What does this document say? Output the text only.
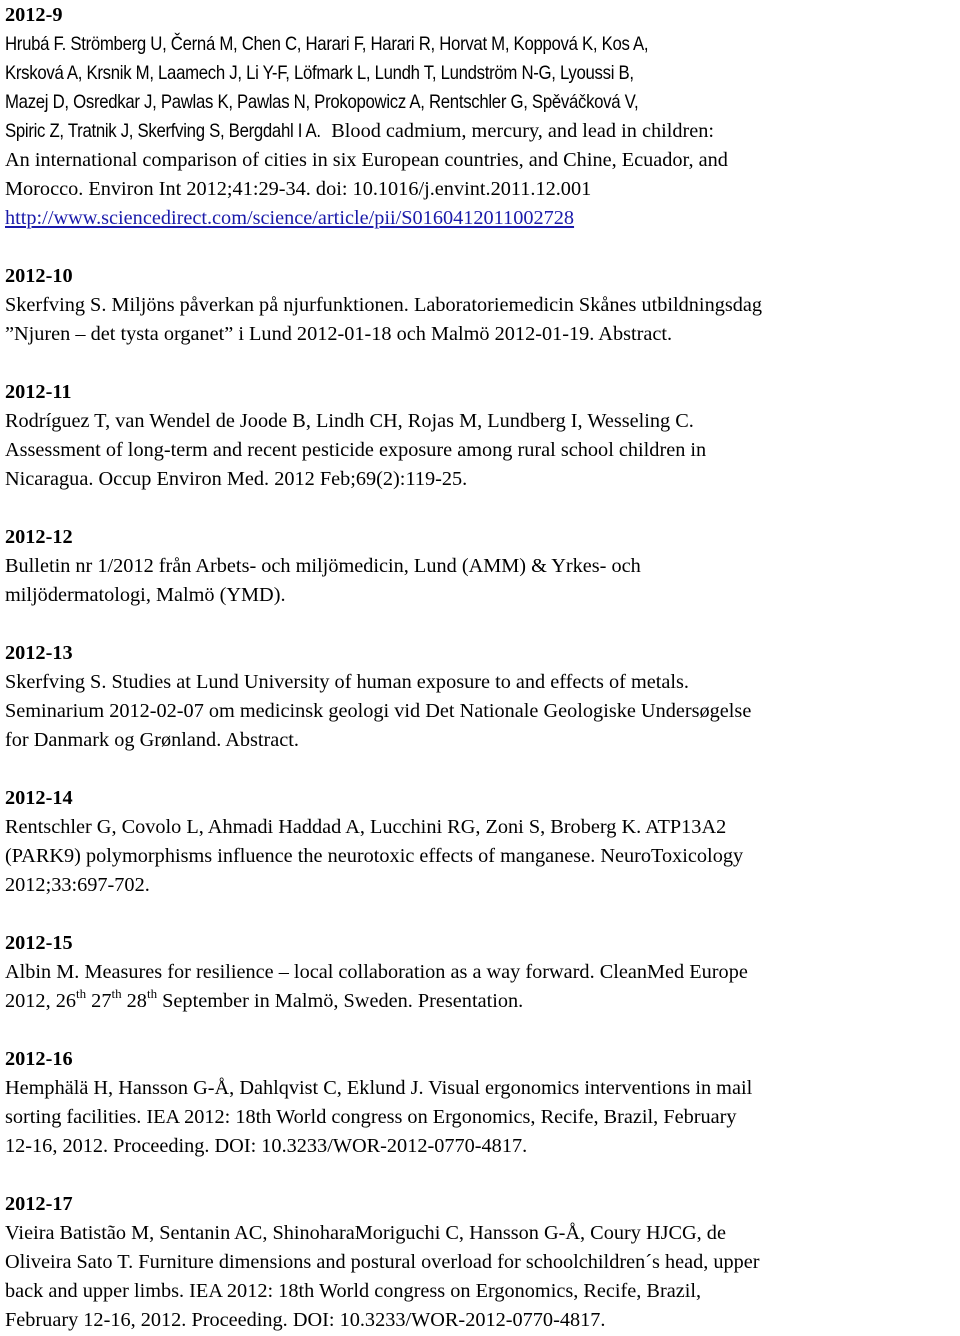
2012-9
Hrubá F. Strömberg U, Černá M, Chen C, Harari F, Harari R, Horvat M, Koppová K, Kos A,
Krsková A, Krsnik M, Laamech J, Li Y-F, Löfmark L, Lundh T, Lundström N-G, Lyoussi B,
Mazej D, Osredkar J, Pawlas K, Pawlas N, Prokopowicz A, Rentschler G, Spěváčková V,
Spiric Z, Tratnik J, Skerfving S, Bergdahl I A. Blood cadmium, mercury, and lead in children:
An international comparison of cities in six European countries, and Chine, Ecuador, and
Morocco. Environ Int 2012;41:29-34. doi: 10.1016/j.envint.2011.12.001
http://www.sciencedirect.com/science/article/pii/S0160412011002728
2012-10
Skerfving S. Miljöns påverkan på njurfunktionen. Laboratoriemedicin Skånes utbildningsdag
”Njuren – det tysta organet” i Lund 2012-01-18 och Malmö 2012-01-19. Abstract.
2012-11
Rodríguez T, van Wendel de Joode B, Lindh CH, Rojas M, Lundberg I, Wesseling C.
Assessment of long-term and recent pesticide exposure among rural school children in
Nicaragua. Occup Environ Med. 2012 Feb;69(2):119-25.
2012-12
Bulletin nr 1/2012 från Arbets- och miljömedicin, Lund (AMM) & Yrkes- och
miljödermatologi, Malmö (YMD).
2012-13
Skerfving S. Studies at Lund University of human exposure to and effects of metals.
Seminarium 2012-02-07 om medicinsk geologi vid Det Nationale Geologiske Undersøgelse
for Danmark og Grønland. Abstract.
2012-14
Rentschler G, Covolo L, Ahmadi Haddad A, Lucchini RG, Zoni S, Broberg K. ATP13A2
(PARK9) polymorphisms influence the neurotoxic effects of manganese. NeuroToxicology
2012;33:697-702.
2012-15
Albin M. Measures for resilience – local collaboration as a way forward. CleanMed Europe
2012, 26th 27th 28th September in Malmö, Sweden. Presentation.
2012-16
Hemphälä H, Hansson G-Å, Dahlqvist C, Eklund J. Visual ergonomics interventions in mail
sorting facilities. IEA 2012: 18th World congress on Ergonomics, Recife, Brazil, February
12-16, 2012. Proceeding. DOI: 10.3233/WOR-2012-0770-4817.
2012-17
Vieira Batistão M, Sentanin AC, ShinoharaMoriguchi C, Hansson G-Å, Coury HJCG, de
Oliveira Sato T. Furniture dimensions and postural overload for schoolchildren´s head, upper
back and upper limbs. IEA 2012: 18th World congress on Ergonomics, Recife, Brazil,
February 12-16, 2012. Proceeding. DOI: 10.3233/WOR-2012-0770-4817.
